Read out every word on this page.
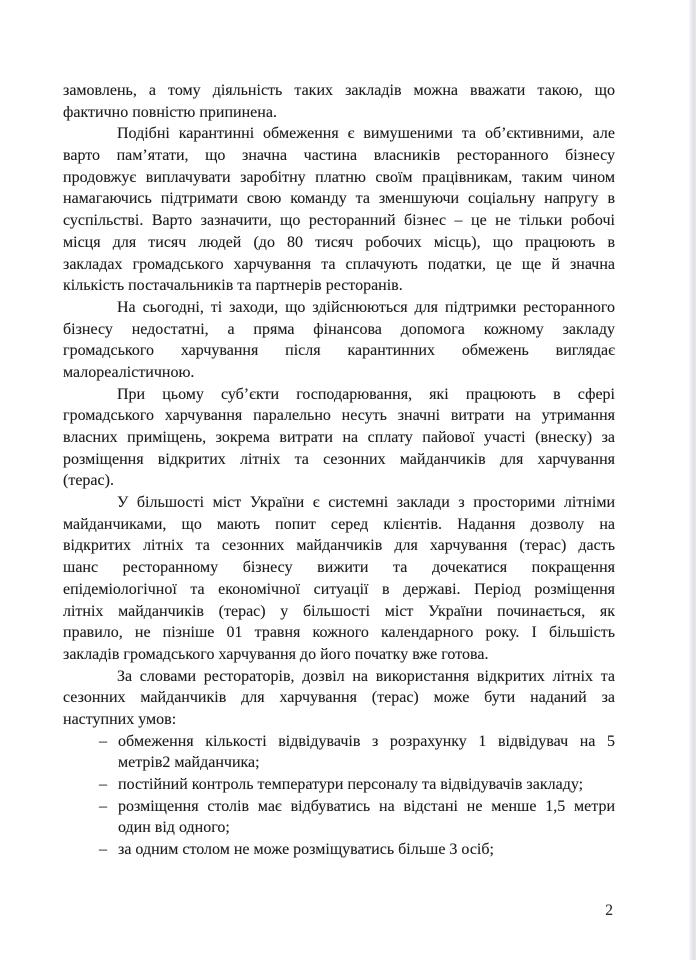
замовлень, а тому діяльність таких закладів можна вважати такою, що
фактично повністю припинена.
Подібні карантинні обмеження є вимушеними та об’єктивними, але
варто пам’ятати, що значна частина власників ресторанного бізнесу
продовжує виплачувати заробітну платню своїм працівникам, таким чином
намагаючись підтримати свою команду та зменшуючи соціальну напругу в
суспільстві. Варто зазначити, що ресторанний бізнес – це не тільки робочі
місця для тисяч людей (до 80 тисяч робочих місць), що працюють в
закладах громадського харчування та сплачують податки, це ще й значна
кількість постачальників та партнерів ресторанів.
На сьогодні, ті заходи, що здійснюються для підтримки ресторанного
бізнесу недостатні, а пряма фінансова допомога кожному закладу
громадського харчування після карантинних обмежень виглядає
малореалістичною.
При цьому суб’єкти господарювання, які працюють в сфері
громадського харчування паралельно несуть значні витрати на утримання
власних приміщень, зокрема витрати на сплату пайової участі (внеску) за
розміщення відкритих літніх та сезонних майданчиків для харчування
(терас).
У більшості міст України є системні заклади з просторими літніми
майданчиками, що мають попит серед клієнтів. Надання дозволу на
відкритих літніх та сезонних майданчиків для харчування (терас) дасть
шанс ресторанному бізнесу вижити та дочекатися покращення
епідеміологічної та економічної ситуації в державі. Період розміщення
літніх майданчиків (терас) у більшості міст України починається, як
правило, не пізніше 01 травня кожного календарного року. І більшість
закладів громадського харчування до його початку вже готова.
За словами рестораторів, дозвіл на використання відкритих літніх та
сезонних майданчиків для харчування (терас) може бути наданий за
наступних умов:
– обмеження кількості відвідувачів з розрахунку 1 відвідувач на 5
метрів2 майданчика;
– постійний контроль температури персоналу та відвідувачів закладу;
– розміщення столів має відбуватись на відстані не менше 1,5 метри
один від одного;
– за одним столом не може розміщуватись більше 3 осіб;
2
